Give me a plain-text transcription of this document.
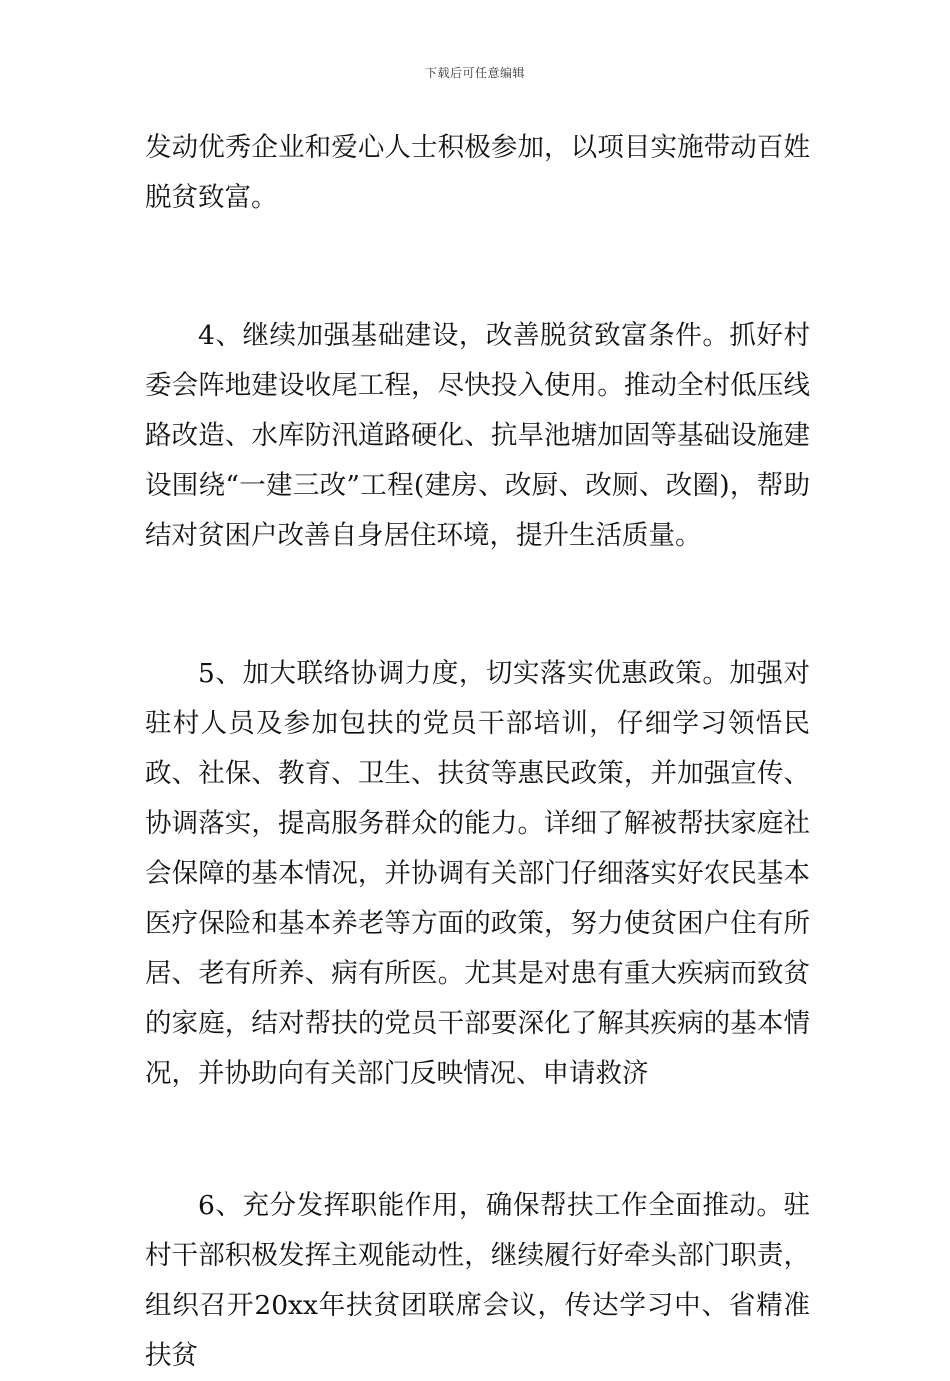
下载后可任意编辑

发动优秀企业和爱心人士积极参加，以项目实施带动百姓脱贫致富。

4、继续加强基础建设，改善脱贫致富条件。抓好村委会阵地建设收尾工程，尽快投入使用。推动全村低压线路改造、水库防汛道路硬化、抗旱池塘加固等基础设施建设围绕“一建三改”工程(建房、改厨、改厕、改圈)，帮助结对贫困户改善自身居住环境，提升生活质量。

5、加大联络协调力度，切实落实优惠政策。加强对驻村人员及参加包扶的党员干部培训，仔细学习领悟民政、社保、教育、卫生、扶贫等惠民政策，并加强宣传、协调落实，提高服务群众的能力。详细了解被帮扶家庭社会保障的基本情况，并协调有关部门仔细落实好农民基本医疗保险和基本养老等方面的政策，努力使贫困户住有所居、老有所养、病有所医。尤其是对患有重大疾病而致贫的家庭，结对帮扶的党员干部要深化了解其疾病的基本情况，并协助向有关部门反映情况、申请救济

6、充分发挥职能作用，确保帮扶工作全面推动。驻村干部积极发挥主观能动性，继续履行好牵头部门职责，组织召开20xx年扶贫团联席会议，传达学习中、省精准扶贫
